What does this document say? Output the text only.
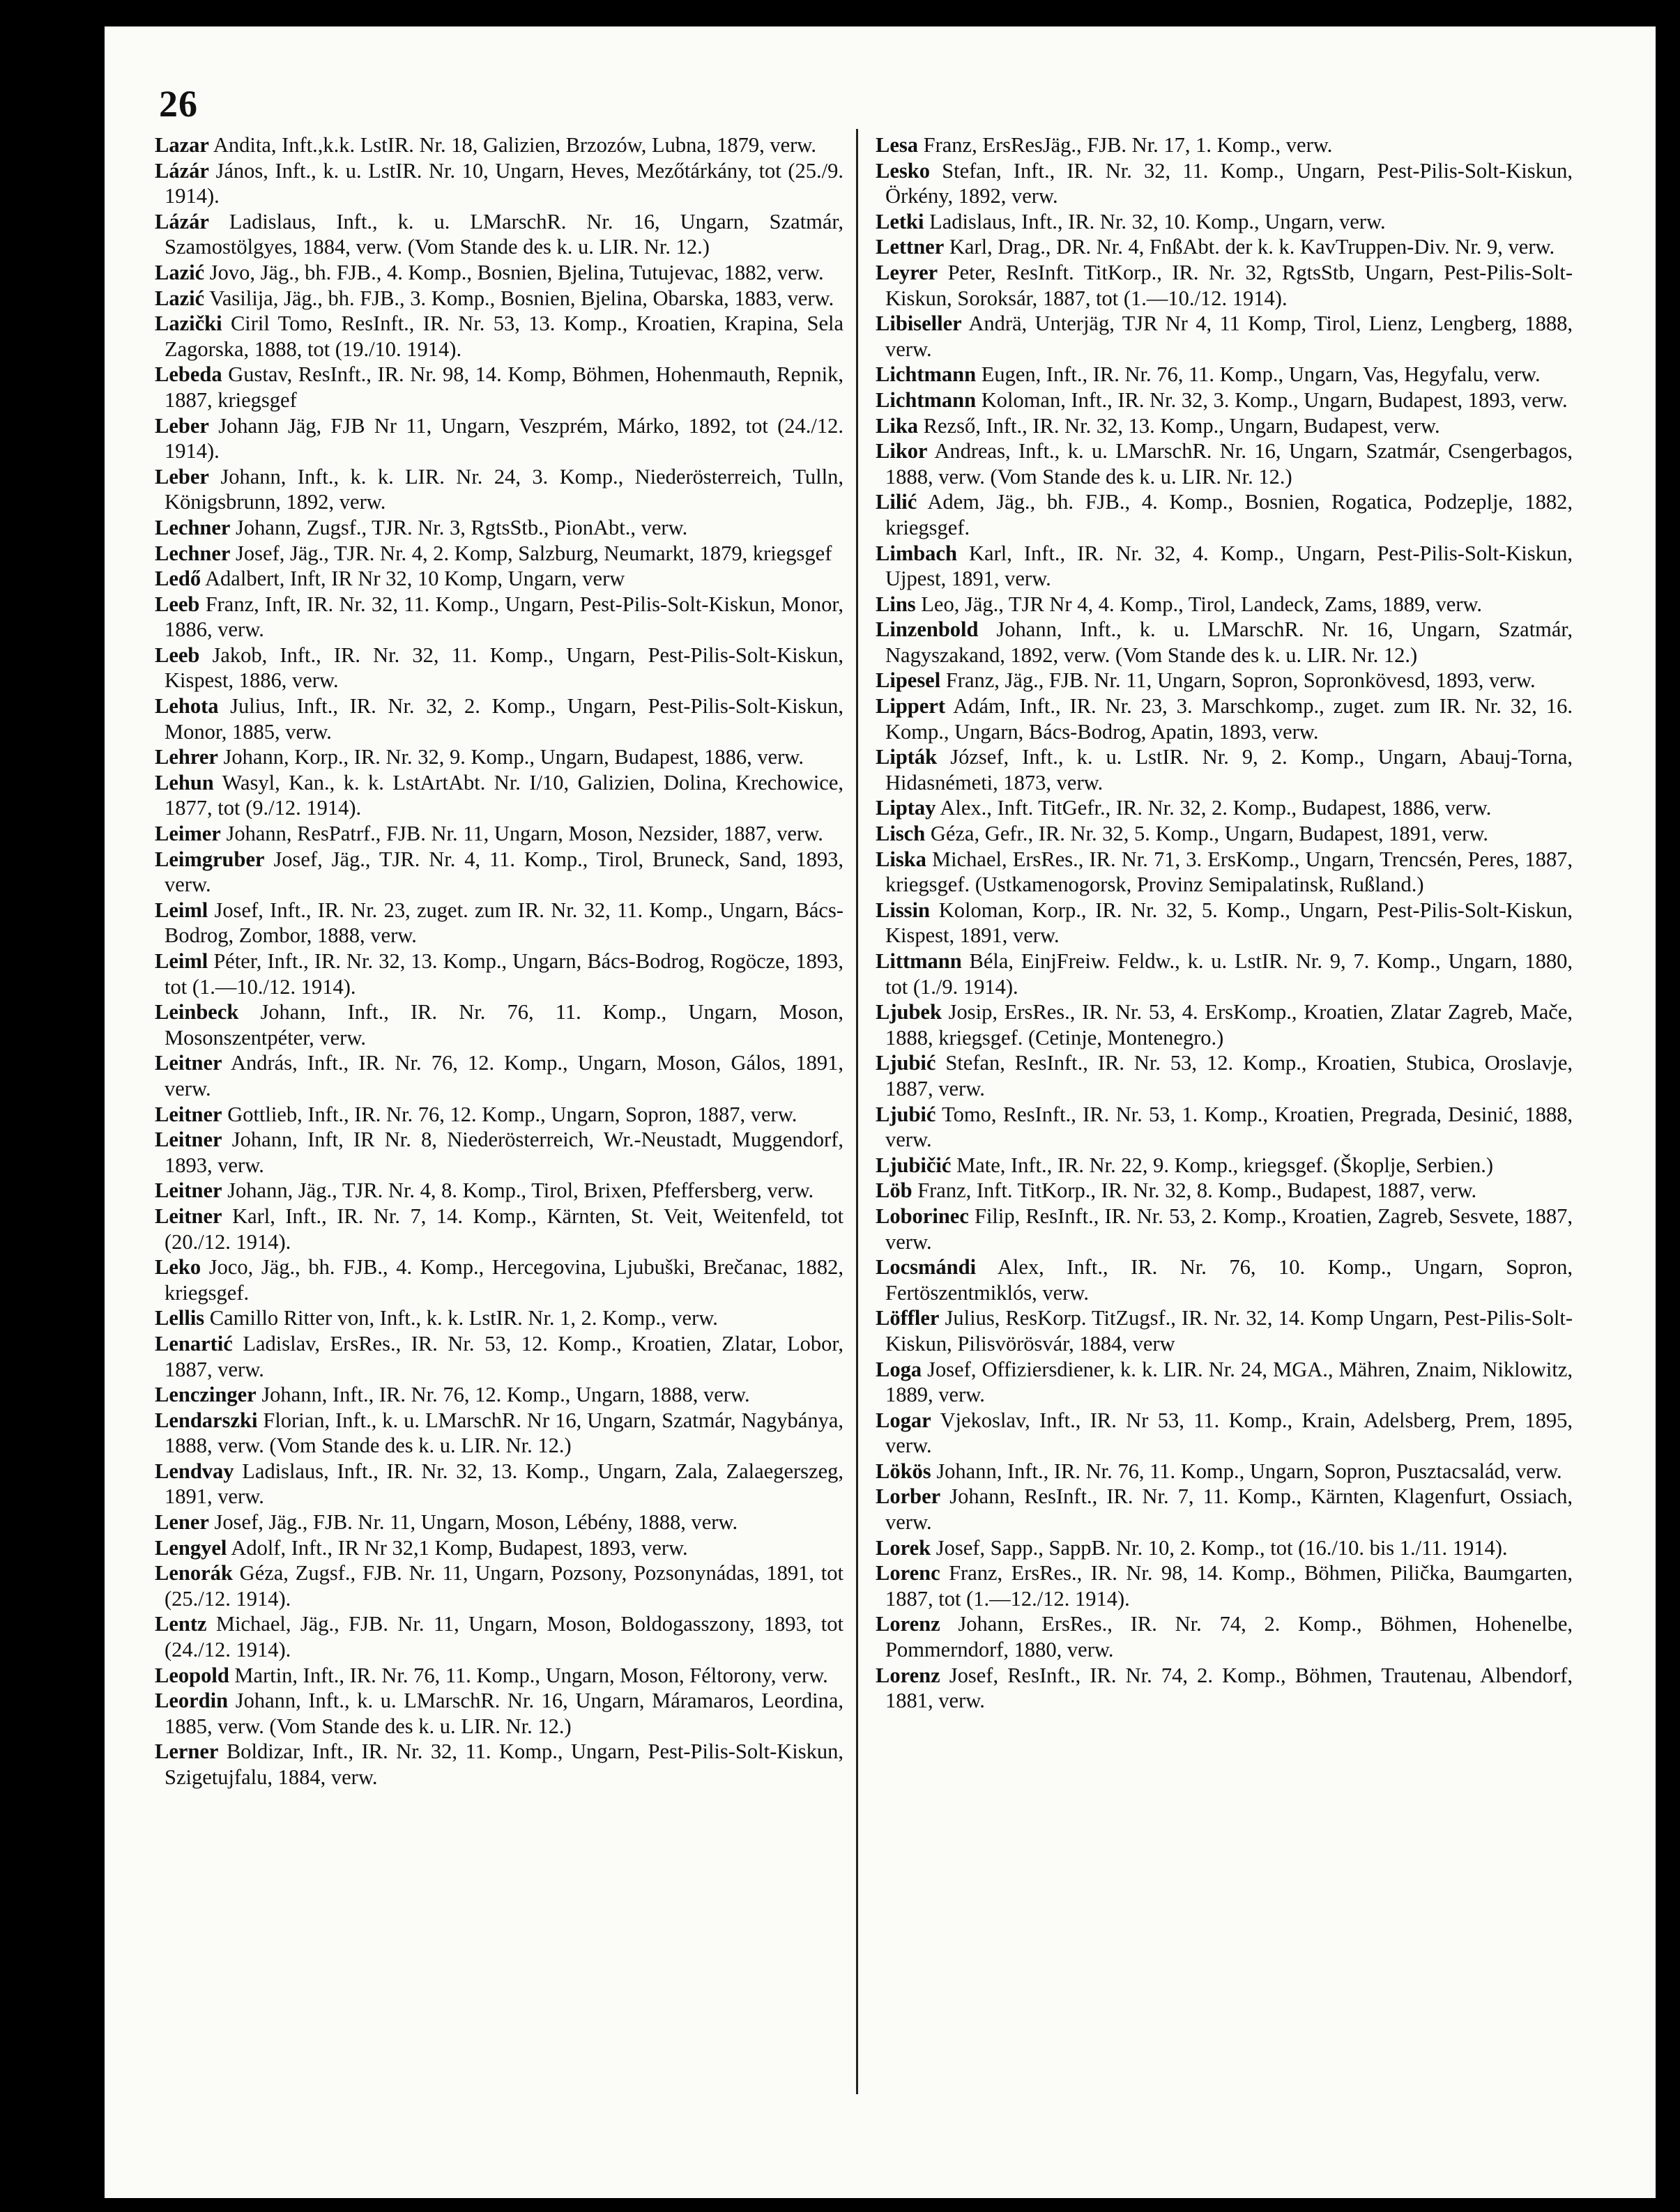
26

Lazar Andita, Inft.,k.k. LstIR. Nr. 18, Galizien, Brzozów, Lubna, 1879, verw.

Lázár János, Inft., k. u. LstIR. Nr. 10, Ungarn, Heves, Mezőtárkány, tot (25./9. 1914).

Lázár Ladislaus, Inft., k. u. LMarschR. Nr. 16, Ungarn, Szatmár, Szamostölgyes, 1884, verw. (Vom Stande des k. u. LIR. Nr. 12.)

Lazić Jovo, Jäg., bh. FJB., 4. Komp., Bosnien, Bjelina, Tutujevac, 1882, verw.

Lazić Vasilija, Jäg., bh. FJB., 3. Komp., Bosnien, Bjelina, Obarska, 1883, verw.

Lazički Ciril Tomo, ResInft., IR. Nr. 53, 13. Komp., Kroatien, Krapina, Sela Zagorska, 1888, tot (19./10. 1914).

Lebeda Gustav, ResInft., IR. Nr. 98, 14. Komp, Böhmen, Hohenmauth, Repnik, 1887, kriegsgef

Leber Johann Jäg, FJB Nr 11, Ungarn, Veszprém, Márko, 1892, tot (24./12. 1914).

Leber Johann, Inft., k. k. LIR. Nr. 24, 3. Komp., Niederösterreich, Tulln, Königsbrunn, 1892, verw.

Lechner Johann, Zugsf., TJR. Nr. 3, RgtsStb., PionAbt., verw.

Lechner Josef, Jäg., TJR. Nr. 4, 2. Komp, Salzburg, Neumarkt, 1879, kriegsgef

Ledő Adalbert, Inft, IR Nr 32, 10 Komp, Ungarn, verw

Leeb Franz, Inft, IR. Nr. 32, 11. Komp., Ungarn, Pest-Pilis-Solt-Kiskun, Monor, 1886, verw.

Leeb Jakob, Inft., IR. Nr. 32, 11. Komp., Ungarn, Pest-Pilis-Solt-Kiskun, Kispest, 1886, verw.

Lehota Julius, Inft., IR. Nr. 32, 2. Komp., Ungarn, Pest-Pilis-Solt-Kiskun, Monor, 1885, verw.

Lehrer Johann, Korp., IR. Nr. 32, 9. Komp., Ungarn, Budapest, 1886, verw.

Lehun Wasyl, Kan., k. k. LstArtAbt. Nr. I/10, Galizien, Dolina, Krechowice, 1877, tot (9./12. 1914).

Leimer Johann, ResPatrf., FJB. Nr. 11, Ungarn, Moson, Nezsider, 1887, verw.

Leimgruber Josef, Jäg., TJR. Nr. 4, 11. Komp., Tirol, Bruneck, Sand, 1893, verw.

Leiml Josef, Inft., IR. Nr. 23, zuget. zum IR. Nr. 32, 11. Komp., Ungarn, Bács-Bodrog, Zombor, 1888, verw.

Leiml Péter, Inft., IR. Nr. 32, 13. Komp., Ungarn, Bács-Bodrog, Rogöcze, 1893, tot (1.—10./12. 1914).

Leinbeck Johann, Inft., IR. Nr. 76, 11. Komp., Ungarn, Moson, Mosonszentpéter, verw.

Leitner András, Inft., IR. Nr. 76, 12. Komp., Ungarn, Moson, Gálos, 1891, verw.

Leitner Gottlieb, Inft., IR. Nr. 76, 12. Komp., Ungarn, Sopron, 1887, verw.

Leitner Johann, Inft, IR Nr. 8, Niederösterreich, Wr.-Neustadt, Muggendorf, 1893, verw.

Leitner Johann, Jäg., TJR. Nr. 4, 8. Komp., Tirol, Brixen, Pfeffersberg, verw.

Leitner Karl, Inft., IR. Nr. 7, 14. Komp., Kärnten, St. Veit, Weitenfeld, tot (20./12. 1914).

Leko Joco, Jäg., bh. FJB., 4. Komp., Hercegovina, Ljubuški, Brečanac, 1882, kriegsgef.

Lellis Camillo Ritter von, Inft., k. k. LstIR. Nr. 1, 2. Komp., verw.

Lenartić Ladislav, ErsRes., IR. Nr. 53, 12. Komp., Kroatien, Zlatar, Lobor, 1887, verw.

Lenczinger Johann, Inft., IR. Nr. 76, 12. Komp., Ungarn, 1888, verw.

Lendarszki Florian, Inft., k. u. LMarschR. Nr 16, Ungarn, Szatmár, Nagybánya, 1888, verw. (Vom Stande des k. u. LIR. Nr. 12.)

Lendvay Ladislaus, Inft., IR. Nr. 32, 13. Komp., Ungarn, Zala, Zalaegerszeg, 1891, verw.

Lener Josef, Jäg., FJB. Nr. 11, Ungarn, Moson, Lébény, 1888, verw.

Lengyel Adolf, Inft., IR Nr 32,1 Komp, Budapest, 1893, verw.

Lenorák Géza, Zugsf., FJB. Nr. 11, Ungarn, Pozsony, Pozsonynádas, 1891, tot (25./12. 1914).

Lentz Michael, Jäg., FJB. Nr. 11, Ungarn, Moson, Boldogasszony, 1893, tot (24./12. 1914).

Leopold Martin, Inft., IR. Nr. 76, 11. Komp., Ungarn, Moson, Féltorony, verw.

Leordin Johann, Inft., k. u. LMarschR. Nr. 16, Ungarn, Máramaros, Leordina, 1885, verw. (Vom Stande des k. u. LIR. Nr. 12.)

Lerner Boldizar, Inft., IR. Nr. 32, 11. Komp., Ungarn, Pest-Pilis-Solt-Kiskun, Szigetujfalu, 1884, verw.

Lesa Franz, ErsResJäg., FJB. Nr. 17, 1. Komp., verw.

Lesko Stefan, Inft., IR. Nr. 32, 11. Komp., Ungarn, Pest-Pilis-Solt-Kiskun, Örkény, 1892, verw.

Letki Ladislaus, Inft., IR. Nr. 32, 10. Komp., Ungarn, verw.

Lettner Karl, Drag., DR. Nr. 4, FnßAbt. der k. k. KavTruppen-Div. Nr. 9, verw.

Leyrer Peter, ResInft. TitKorp., IR. Nr. 32, RgtsStb, Ungarn, Pest-Pilis-Solt-Kiskun, Soroksár, 1887, tot (1.—10./12. 1914).

Libiseller Andrä, Unterjäg, TJR Nr 4, 11 Komp, Tirol, Lienz, Lengberg, 1888, verw.

Lichtmann Eugen, Inft., IR. Nr. 76, 11. Komp., Ungarn, Vas, Hegyfalu, verw.

Lichtmann Koloman, Inft., IR. Nr. 32, 3. Komp., Ungarn, Budapest, 1893, verw.

Lika Rezső, Inft., IR. Nr. 32, 13. Komp., Ungarn, Budapest, verw.

Likor Andreas, Inft., k. u. LMarschR. Nr. 16, Ungarn, Szatmár, Csengerbagos, 1888, verw. (Vom Stande des k. u. LIR. Nr. 12.)

Lilić Adem, Jäg., bh. FJB., 4. Komp., Bosnien, Rogatica, Podzeplje, 1882, kriegsgef.

Limbach Karl, Inft., IR. Nr. 32, 4. Komp., Ungarn, Pest-Pilis-Solt-Kiskun, Ujpest, 1891, verw.

Lins Leo, Jäg., TJR Nr 4, 4. Komp., Tirol, Landeck, Zams, 1889, verw.

Linzenbold Johann, Inft., k. u. LMarschR. Nr. 16, Ungarn, Szatmár, Nagyszakand, 1892, verw. (Vom Stande des k. u. LIR. Nr. 12.)

Lipesel Franz, Jäg., FJB. Nr. 11, Ungarn, Sopron, Sopronkövesd, 1893, verw.

Lippert Adám, Inft., IR. Nr. 23, 3. Marschkomp., zuget. zum IR. Nr. 32, 16. Komp., Ungarn, Bács-Bodrog, Apatin, 1893, verw.

Lipták József, Inft., k. u. LstIR. Nr. 9, 2. Komp., Ungarn, Abauj-Torna, Hidasnémeti, 1873, verw.

Liptay Alex., Inft. TitGefr., IR. Nr. 32, 2. Komp., Budapest, 1886, verw.

Lisch Géza, Gefr., IR. Nr. 32, 5. Komp., Ungarn, Budapest, 1891, verw.

Liska Michael, ErsRes., IR. Nr. 71, 3. ErsKomp., Ungarn, Trencsén, Peres, 1887, kriegsgef. (Ustkamenogorsk, Provinz Semipalatinsk, Rußland.)

Lissin Koloman, Korp., IR. Nr. 32, 5. Komp., Ungarn, Pest-Pilis-Solt-Kiskun, Kispest, 1891, verw.

Littmann Béla, EinjFreiw. Feldw., k. u. LstIR. Nr. 9, 7. Komp., Ungarn, 1880, tot (1./9. 1914).

Ljubek Josip, ErsRes., IR. Nr. 53, 4. ErsKomp., Kroatien, Zlatar Zagreb, Mače, 1888, kriegsgef. (Cetinje, Montenegro.)

Ljubić Stefan, ResInft., IR. Nr. 53, 12. Komp., Kroatien, Stubica, Oroslavje, 1887, verw.

Ljubić Tomo, ResInft., IR. Nr. 53, 1. Komp., Kroatien, Pregrada, Desinić, 1888, verw.

Ljubičić Mate, Inft., IR. Nr. 22, 9. Komp., kriegsgef. (Škoplje, Serbien.)

Löb Franz, Inft. TitKorp., IR. Nr. 32, 8. Komp., Budapest, 1887, verw.

Loborinec Filip, ResInft., IR. Nr. 53, 2. Komp., Kroatien, Zagreb, Sesvete, 1887, verw.

Locsmándi Alex, Inft., IR. Nr. 76, 10. Komp., Ungarn, Sopron, Fertöszentmiklós, verw.

Löffler Julius, ResKorp. TitZugsf., IR. Nr. 32, 14. Komp Ungarn, Pest-Pilis-Solt-Kiskun, Pilisvörösvár, 1884, verw

Loga Josef, Offiziersdiener, k. k. LIR. Nr. 24, MGA., Mähren, Znaim, Niklowitz, 1889, verw.

Logar Vjekoslav, Inft., IR. Nr 53, 11. Komp., Krain, Adelsberg, Prem, 1895, verw.

Lökös Johann, Inft., IR. Nr. 76, 11. Komp., Ungarn, Sopron, Pusztacsalád, verw.

Lorber Johann, ResInft., IR. Nr. 7, 11. Komp., Kärnten, Klagenfurt, Ossiach, verw.

Lorek Josef, Sapp., SappB. Nr. 10, 2. Komp., tot (16./10. bis 1./11. 1914).

Lorenc Franz, ErsRes., IR. Nr. 98, 14. Komp., Böhmen, Pilička, Baumgarten, 1887, tot (1.—12./12. 1914).

Lorenz Johann, ErsRes., IR. Nr. 74, 2. Komp., Böhmen, Hohenelbe, Pommerndorf, 1880, verw.

Lorenz Josef, ResInft., IR. Nr. 74, 2. Komp., Böhmen, Trautenau, Albendorf, 1881, verw.
